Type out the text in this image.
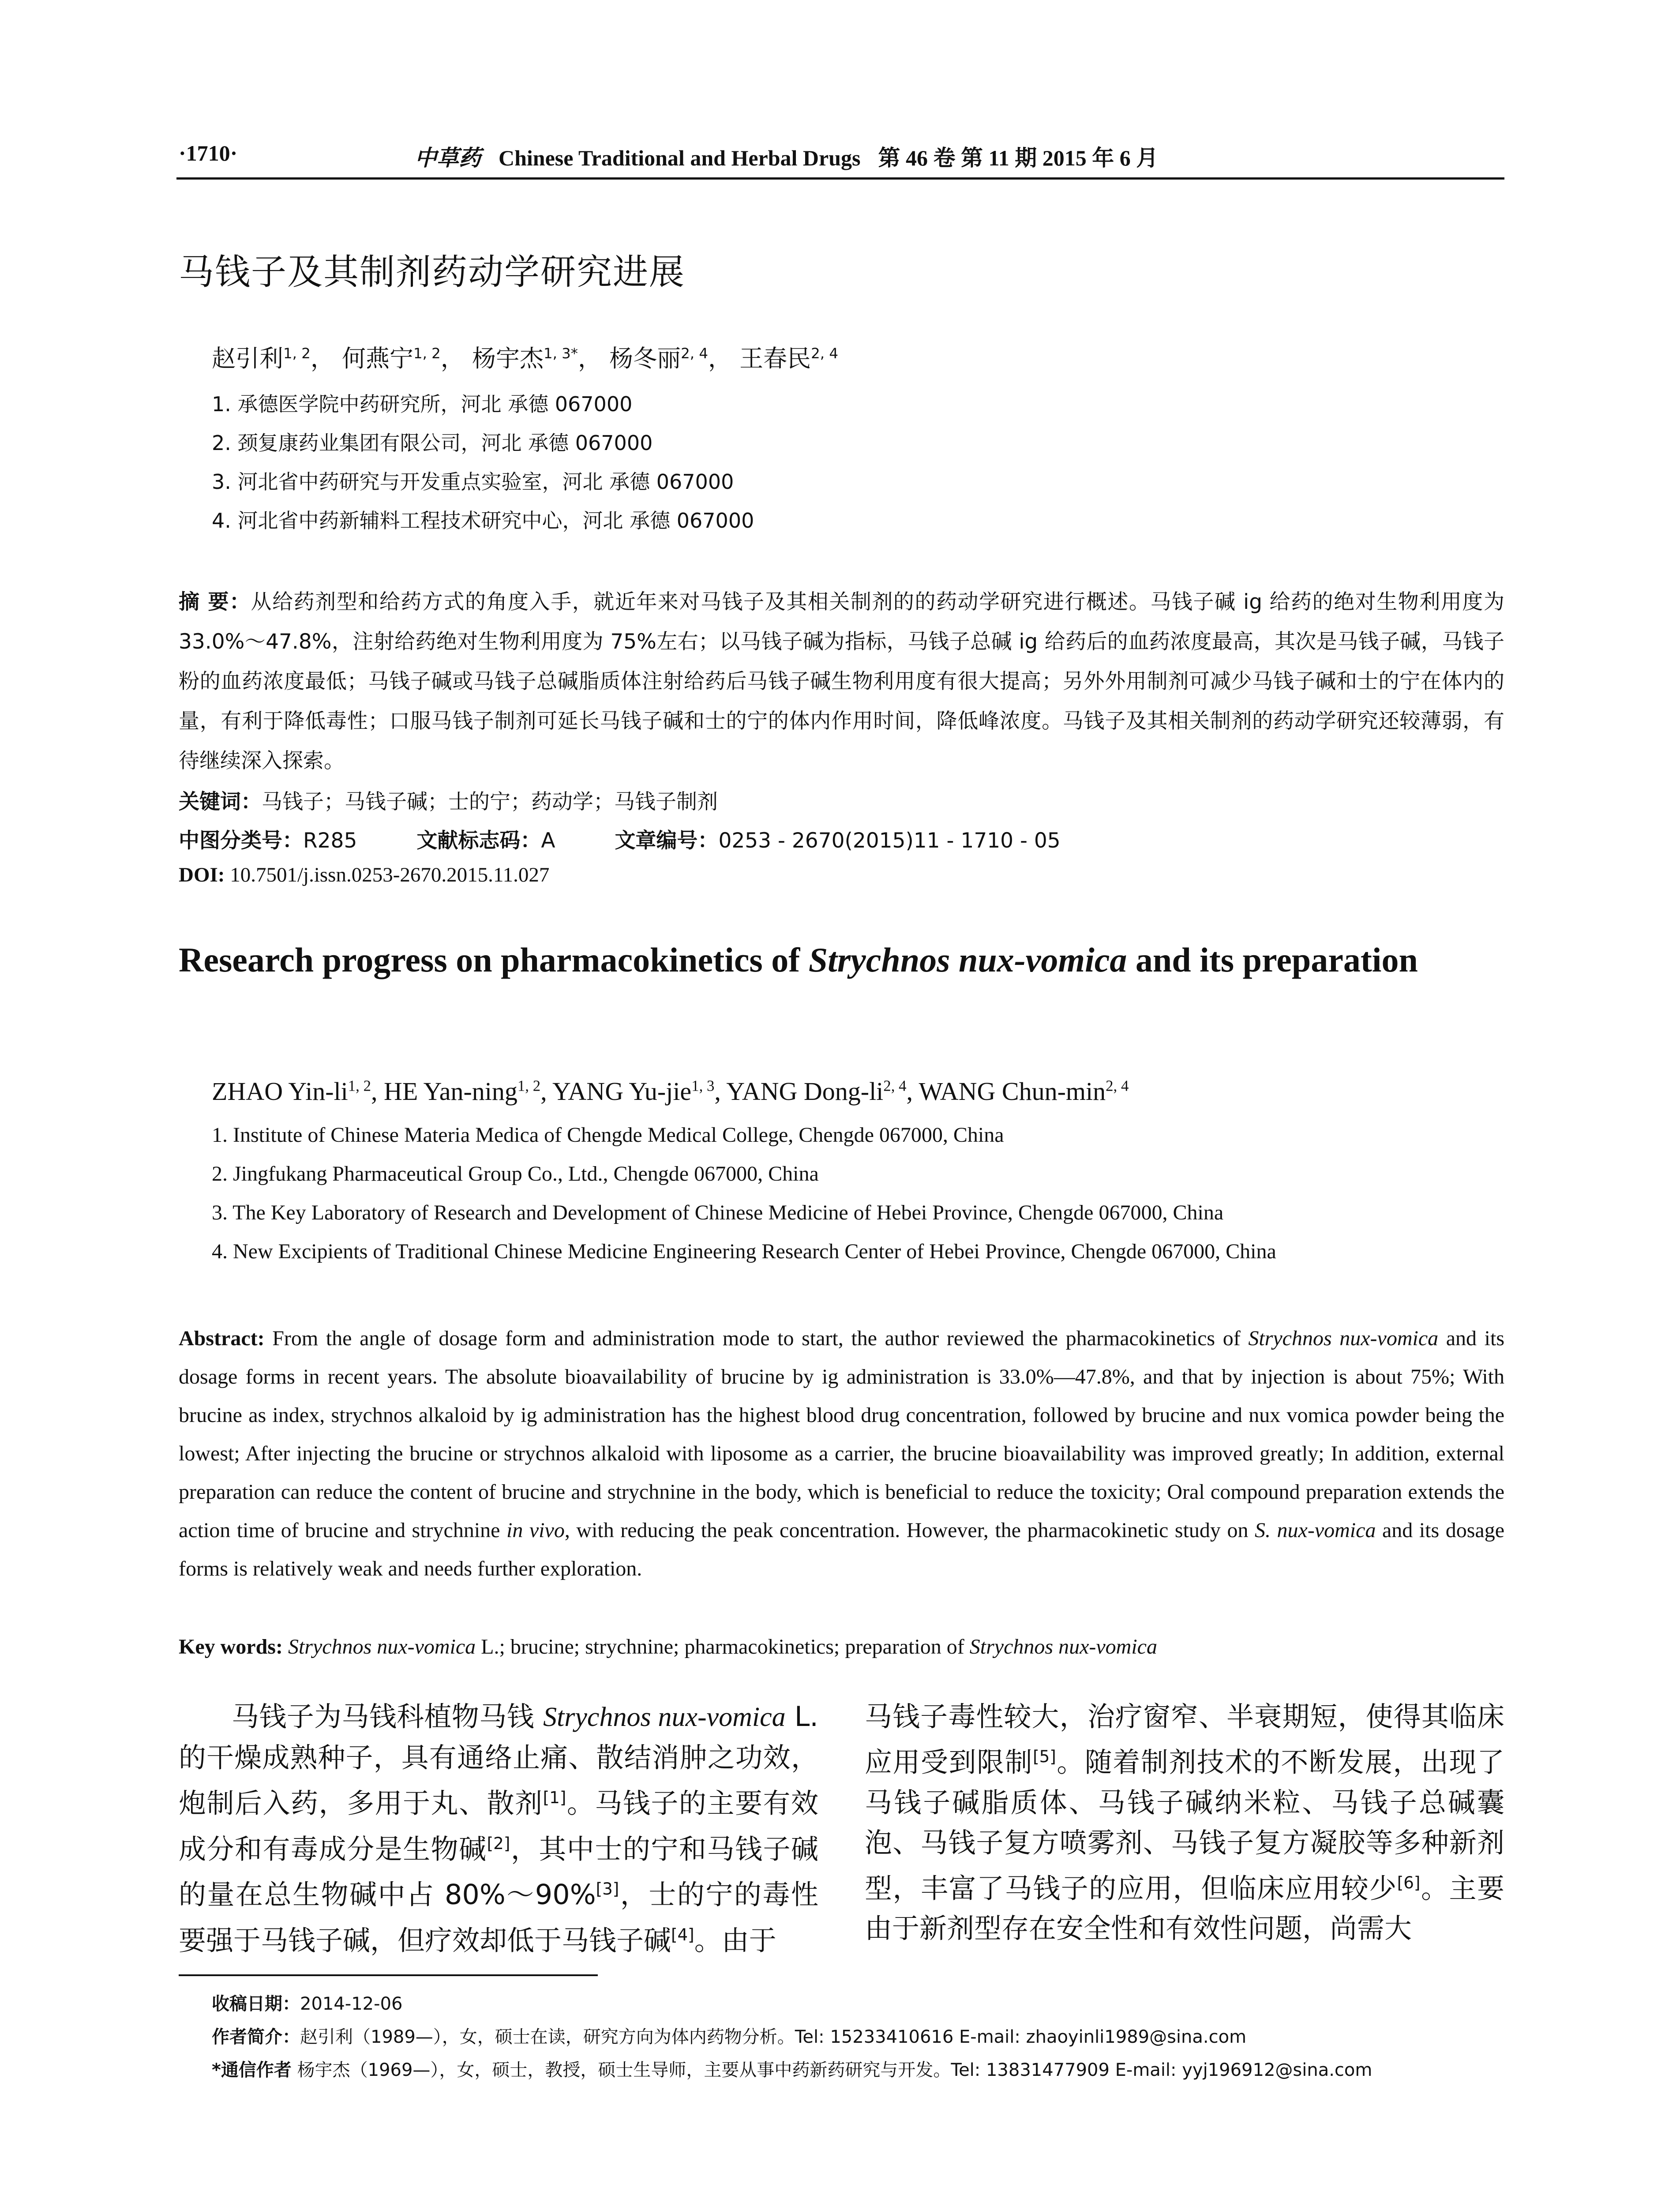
·1710·	中草药 Chinese Traditional and Herbal Drugs 第 46 卷 第 11 期 2015 年 6 月
马钱子及其制剂药动学研究进展
赵引利$^{1, 2}$， 何燕宁$^{1, 2}$， 杨宇杰$^{1, 3*}$， 杨冬丽$^{2, 4}$， 王春民$^{2, 4}$
1. 承德医学院中药研究所，河北 承德 067000
2. 颈复康药业集团有限公司，河北 承德 067000
3. 河北省中药研究与开发重点实验室，河北 承德 067000
4. 河北省中药新辅料工程技术研究中心，河北 承德 067000
摘 要：从给药剂型和给药方式的角度入手，就近年来对马钱子及其相关制剂的的药动学研究进行概述。马钱子碱 ig 给药的绝对生物利用度为 33.0%～47.8%，注射给药绝对生物利用度为 75%左右；以马钱子碱为指标，马钱子总碱 ig 给药后的血药浓度最高，其次是马钱子碱，马钱子粉的血药浓度最低；马钱子碱或马钱子总碱脂质体注射给药后马钱子碱生物利用度有很大提高；另外外用制剂可减少马钱子碱和士的宁在体内的量，有利于降低毒性；口服马钱子制剂可延长马钱子碱和士的宁的体内作用时间，降低峰浓度。马钱子及其相关制剂的药动学研究还较薄弱，有待继续深入探索。
关键词：马钱子；马钱子碱；士的宁；药动学；马钱子制剂
中图分类号：R285	文献标志码：A	文章编号：0253 - 2670(2015)11 - 1710 - 05
DOI: 10.7501/j.issn.0253-2670.2015.11.027
Research progress on pharmacokinetics of Strychnos nux-vomica and its preparation
ZHAO Yin-li$^{1, 2}$, HE Yan-ning$^{1, 2}$, YANG Yu-jie$^{1, 3}$, YANG Dong-li$^{2, 4}$, WANG Chun-$\min^{2, 4}$
1. Institute of Chinese Materia Medica of Chengde Medical College, Chengde 067000, China
2. Jingfukang Pharmaceutical Group Co., Ltd., Chengde 067000, China
3. The Key Laboratory of Research and Development of Chinese Medicine of Hebei Province, Chengde 067000, China
4. New Excipients of Traditional Chinese Medicine Engineering Research Center of Hebei Province, Chengde 067000, China
Abstract: From the angle of dosage form and administration mode to start, the author reviewed the pharmacokinetics of Strychnos nux-vomica and its dosage forms in recent years. The absolute bioavailability of brucine by ig administration is 33.0%—47.8%, and that by injection is about 75%; With brucine as index, strychnos alkaloid by ig administration has the highest blood drug concentration, followed by brucine and nux vomica powder being the lowest; After injecting the brucine or strychnos alkaloid with liposome as a carrier, the brucine bioavailability was improved greatly; In addition, external preparation can reduce the content of brucine and strychnine in the body, which is beneficial to reduce the toxicity; Oral compound preparation extends the action time of brucine and strychnine in vivo, with reducing the peak concentration. However, the pharmacokinetic study on S. nux-vomica and its dosage forms is relatively weak and needs further exploration.
Key words: Strychnos nux-vomica L.; brucine; strychnine; pharmacokinetics; preparation of Strychnos nux-vomica
马钱子为马钱科植物马钱 Strychnos nux-vomica L. 的干燥成熟种子，具有通络止痛、散结消肿之功效，炮制后入药，多用于丸、散剂[1]。马钱子的主要有效成分和有毒成分是生物碱[2]，其中士的宁和马钱子碱的量在总生物碱中占 80%～90%[3]，士的宁的毒性要强于马钱子碱，但疗效却低于马钱子碱[4]。由于
马钱子毒性较大，治疗窗窄、半衰期短，使得其临床应用受到限制[5]。随着制剂技术的不断发展，出现了马钱子碱脂质体、马钱子碱纳米粒、马钱子总碱囊泡、马钱子复方喷雾剂、马钱子复方凝胶等多种新剂型，丰富了马钱子的应用，但临床应用较少[6]。主要由于新剂型存在安全性和有效性问题，尚需大
收稿日期：2014-12-06
作者简介：赵引利（1989—），女，硕士在读，研究方向为体内药物分析。Tel: 15233410616 E-mail: zhaoyinli1989@sina.com
*通信作者 杨宇杰（1969—），女，硕士，教授，硕士生导师，主要从事中药新药研究与开发。Tel: 13831477909 E-mail: yyj196912@sina.com
